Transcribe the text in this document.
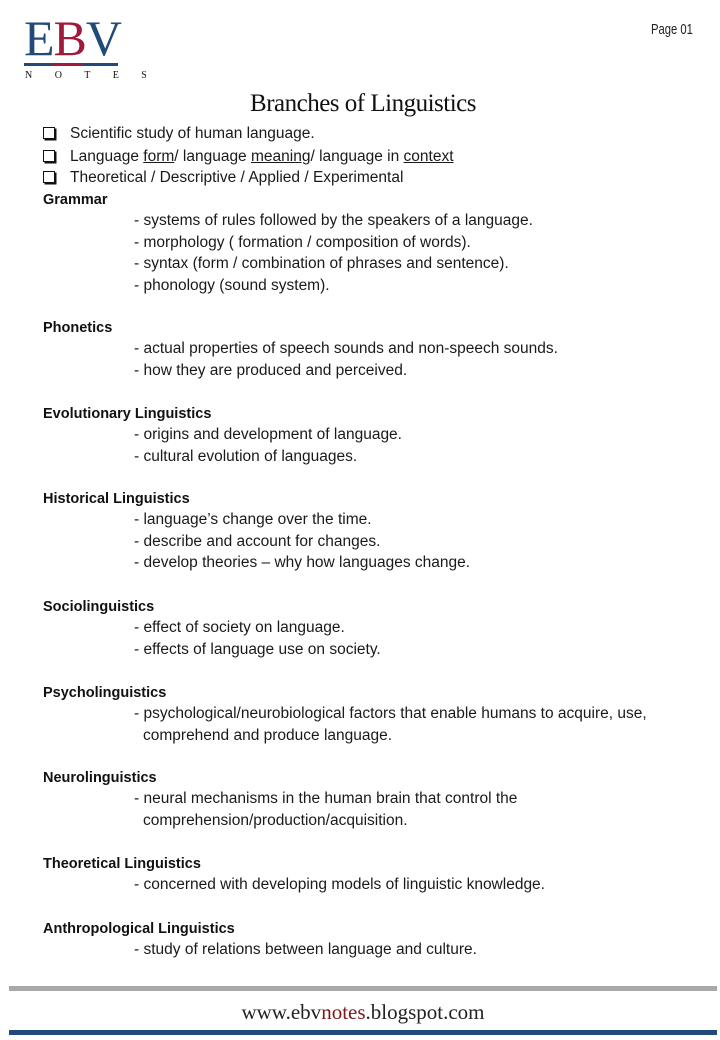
EBV
N O T E S
Page 01
Branches of Linguistics
Scientific study of human language.
Language form/ language meaning/ language in context
Theoretical / Descriptive / Applied / Experimental
Grammar
- systems of rules followed by the speakers of a language.
- morphology ( formation / composition of words).
- syntax (form / combination of phrases and sentence).
- phonology (sound system).
Phonetics
- actual properties of speech sounds and non-speech sounds.
- how they are produced and perceived.
Evolutionary Linguistics
- origins and development of language.
- cultural evolution of languages.
Historical Linguistics
- language’s change over the time.
- describe and account for changes.
- develop theories – why how languages change.
Sociolinguistics
- effect of society on language.
- effects of language use on society.
Psycholinguistics
- psychological/neurobiological factors that enable humans to acquire, use,
comprehend and produce language.
Neurolinguistics
- neural mechanisms in the human brain that control the
comprehension/production/acquisition.
Theoretical Linguistics
- concerned with developing models of linguistic knowledge.
Anthropological Linguistics
- study of relations between language and culture.
www.ebvnotes.blogspot.com
